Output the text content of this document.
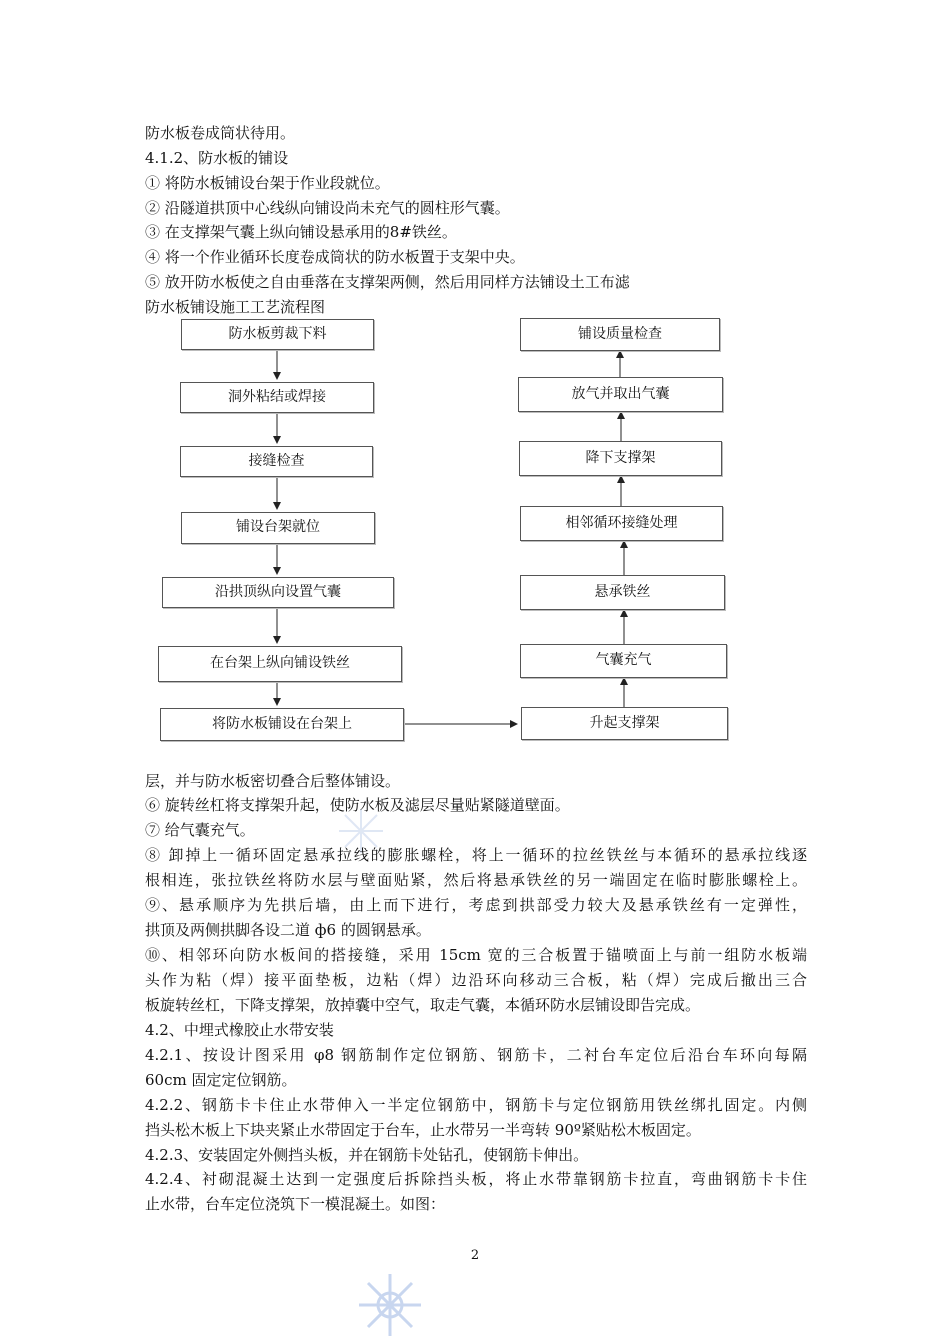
防水板卷成筒状待用。
4.1.2、防水板的铺设
① 将防水板铺设台架于作业段就位。
② 沿隧道拱顶中心线纵向铺设尚未充气的圆柱形气囊。
③ 在支撑架气囊上纵向铺设悬承用的8#铁丝。
④ 将一个作业循环长度卷成筒状的防水板置于支架中央。
⑤ 放开防水板使之自由垂落在支撑架两侧，然后用同样方法铺设土工布滤
防水板铺设施工工艺流程图
防水板剪裁下料
洞外粘结或焊接
接缝检查
铺设台架就位
沿拱顶纵向设置气囊
在台架上纵向铺设铁丝
将防水板铺设在台架上
铺设质量检查
放气并取出气囊
降下支撑架
相邻循环接缝处理
悬承铁丝
气囊充气
升起支撑架
层，并与防水板密切叠合后整体铺设。
⑥ 旋转丝杠将支撑架升起，使防水板及滤层尽量贴紧隧道壁面。
⑦ 给气囊充气。
⑧ 卸掉上一循环固定悬承拉线的膨胀螺栓，将上一循环的拉丝铁丝与本循环的悬承拉线逐
根相连，张拉铁丝将防水层与壁面贴紧，然后将悬承铁丝的另一端固定在临时膨胀螺栓上。
⑨、悬承顺序为先拱后墙，由上而下进行，考虑到拱部受力较大及悬承铁丝有一定弹性，
拱顶及两侧拱脚各设二道 ф6 的圆钢悬承。
⑩、相邻环向防水板间的搭接缝，采用 15cm 宽的三合板置于锚喷面上与前一组防水板端
头作为粘（焊）接平面垫板，边粘（焊）边沿环向移动三合板，粘（焊）完成后撤出三合
板旋转丝杠，下降支撑架，放掉囊中空气，取走气囊，本循环防水层铺设即告完成。
4.2、中埋式橡胶止水带安装
4.2.1、按设计图采用 φ8 钢筋制作定位钢筋、钢筋卡，二衬台车定位后沿台车环向每隔
60cm 固定定位钢筋。
4.2.2、钢筋卡卡住止水带伸入一半定位钢筋中，钢筋卡与定位钢筋用铁丝绑扎固定。内侧
挡头松木板上下块夹紧止水带固定于台车，止水带另一半弯转 90º紧贴松木板固定。
4.2.3、安装固定外侧挡头板，并在钢筋卡处钻孔，使钢筋卡伸出。
4.2.4、衬砌混凝土达到一定强度后拆除挡头板，将止水带靠钢筋卡拉直，弯曲钢筋卡卡住
止水带，台车定位浇筑下一模混凝土。如图：
2
